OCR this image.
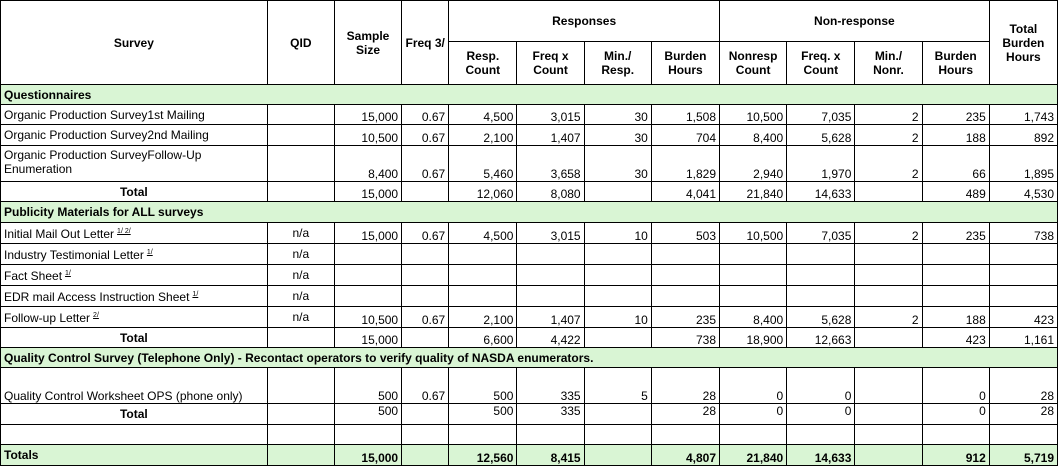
Survey	QID	Sample Size	Freq 3/	Responses				Non-response				Total Burden Hours
				Resp. Count	Freq x Count	Min./ Resp.	Burden Hours	Nonresp Count	Freq. x Count	Min./ Nonr.	Burden Hours	
Questionnaires												
Organic Production Survey1st Mailing		15,000	0.67	4,500	3,015	30	1,508	10,500	7,035	2	235	1,743
Organic Production Survey2nd Mailing		10,500	0.67	2,100	1,407	30	704	8,400	5,628	2	188	892
Organic Production SurveyFollow-Up Enumeration		8,400	0.67	5,460	3,658	30	1,829	2,940	1,970	2	66	1,895
Total		15,000		12,060	8,080		4,041	21,840	14,633		489	4,530
Publicity Materials for ALL surveys												
Initial Mail Out Letter $^{1/ 2/}$	n/a	15,000	0.67	4,500	3,015	10	503	10,500	7,035	2	235	738
Industry Testimonial Letter $^{1/}$	n/a											
Fact Sheet $^{1/}$	n/a											
EDR mail Access Instruction Sheet $^{1/}$	n/a											
Follow-up Letter $^{2/}$	n/a	10,500	0.67	2,100	1,407	10	235	8,400	5,628	2	188	423
Total		15,000		6,600	4,422		738	18,900	12,663		423	1,161
Quality Control Survey (Telephone Only) - Recontact operators to verify quality of NASDA enumerators.												
Quality Control Worksheet OPS (phone only)		500	0.67	500	335	5	28	0	0		0	28
Total		500		500	335		28	0	0		0	28

Totals		15,000		12,560	8,415		4,807	21,840	14,633		912	5,719
